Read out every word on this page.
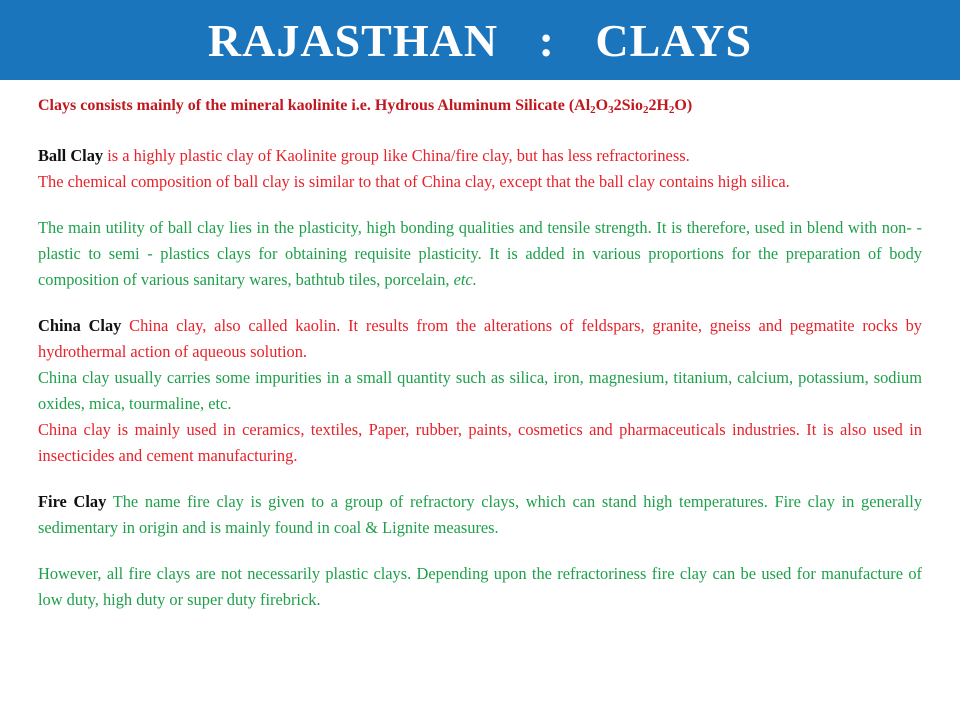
RAJASTHAN : CLAYS

Clays consists mainly of the mineral kaolinite i.e. Hydrous Aluminum Silicate $(Al_2O_32Sio_22H_2O)$

Ball Clay is a highly plastic clay of Kaolinite group like China/fire clay, but has less refractoriness.

The chemical composition of ball clay is similar to that of China clay, except that the ball clay contains high silica.

The main utility of ball clay lies in the plasticity, high bonding qualities and tensile strength. It is therefore, used in blend with non- - plastic to semi - plastics clays for obtaining requisite plasticity. It is added in various proportions for the preparation of body composition of various sanitary wares, bathtub tiles, porcelain, etc.

China Clay China clay, also called kaolin. It results from the alterations of feldspars, granite, gneiss and pegmatite rocks by hydrothermal action of aqueous solution.

China clay usually carries some impurities in a small quantity such as silica, iron, magnesium, titanium, calcium, potassium, sodium oxides, mica, tourmaline, etc.

China clay is mainly used in ceramics, textiles, Paper, rubber, paints, cosmetics and pharmaceuticals industries. It is also used in insecticides and cement manufacturing.

Fire Clay The name fire clay is given to a group of refractory clays, which can stand high temperatures. Fire clay in generally sedimentary in origin and is mainly found in coal & Lignite measures.

However, all fire clays are not necessarily plastic clays. Depending upon the refractoriness fire clay can be used for manufacture of low duty, high duty or super duty firebrick.
